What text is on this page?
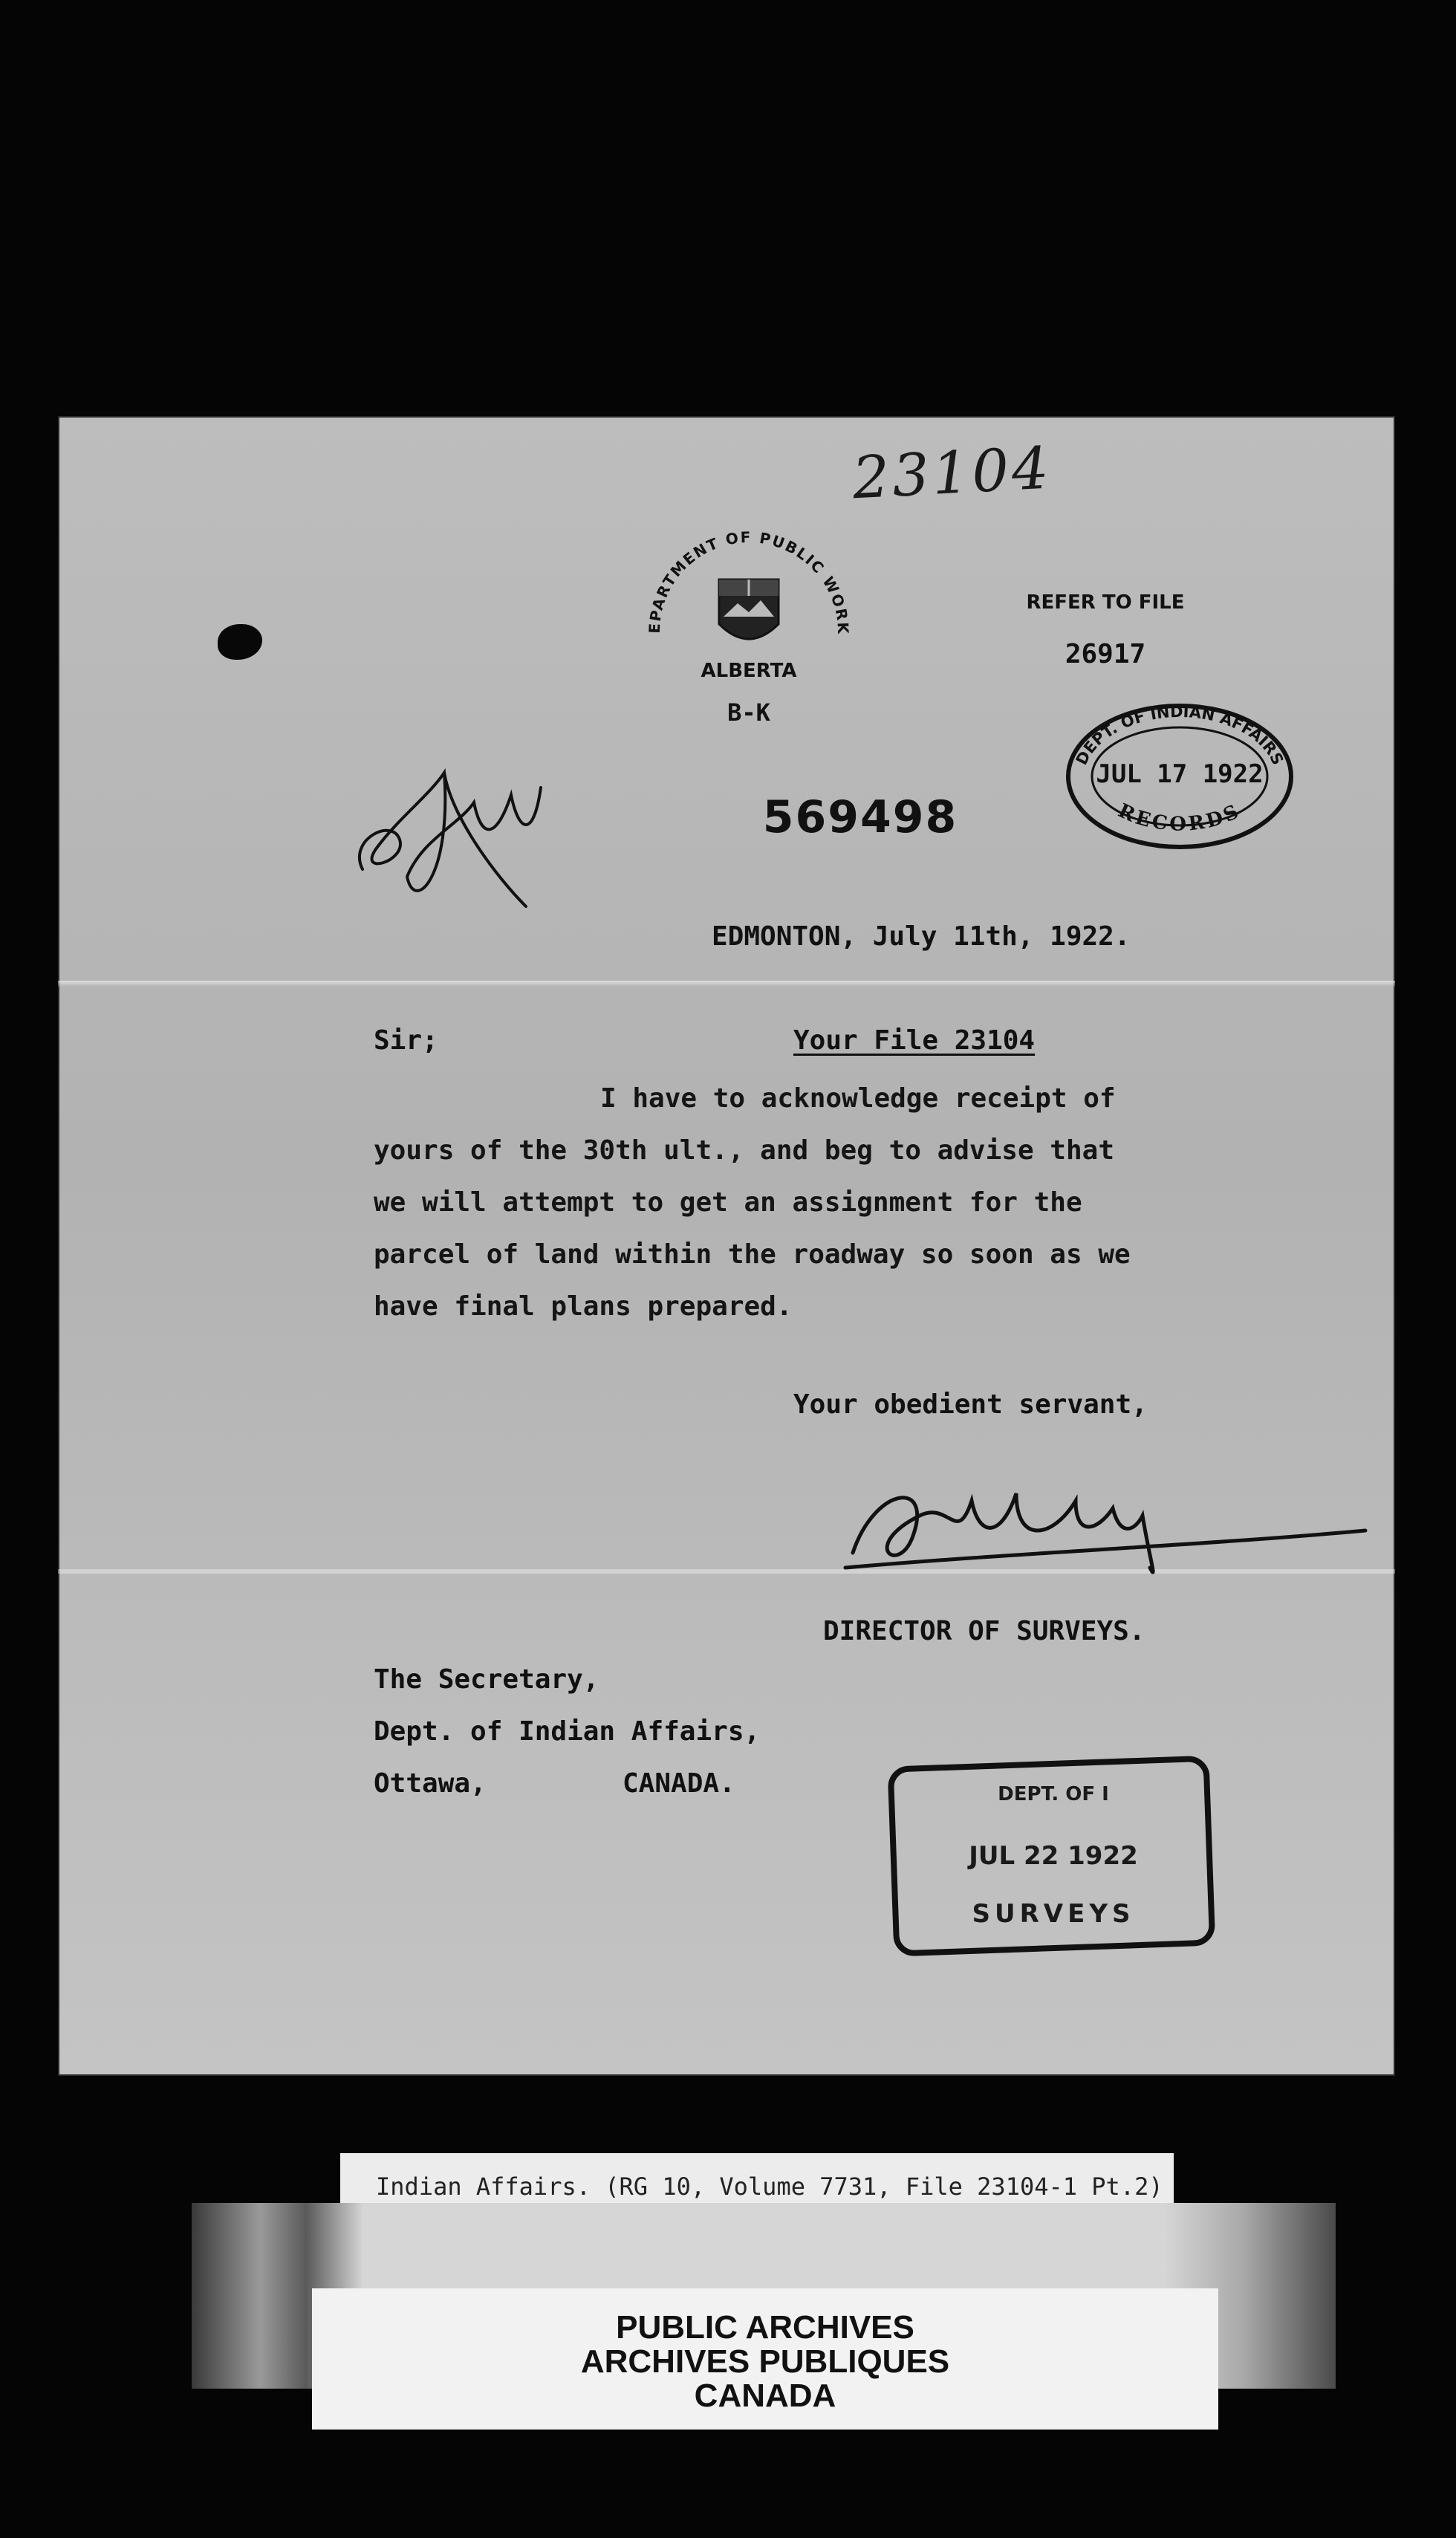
23104
EPARTMENT OF PUBLIC WORK
ALBERTA
B-K
REFER TO FILE
26917
DEPT. OF INDIAN AFFAIRS
RECORDS
JUL 17 1922
569498
EDMONTON, July 11th, 1922.
Sir;	Your File 23104
I have to acknowledge receipt of
yours of the 30th ult., and beg to advise that
we will attempt to get an assignment for the
parcel of land within the roadway so soon as we
have final plans prepared.
Your obedient servant,
DIRECTOR OF SURVEYS.
The Secretary,
Dept. of Indian Affairs,
Ottawa,	CANADA.	DEPT. OF I
JUL 22 1922
SURVEYS
Indian Affairs. (RG 10, Volume 7731, File 23104-1 Pt.2)
PUBLIC ARCHIVES
ARCHIVES PUBLIQUES
CANADA
